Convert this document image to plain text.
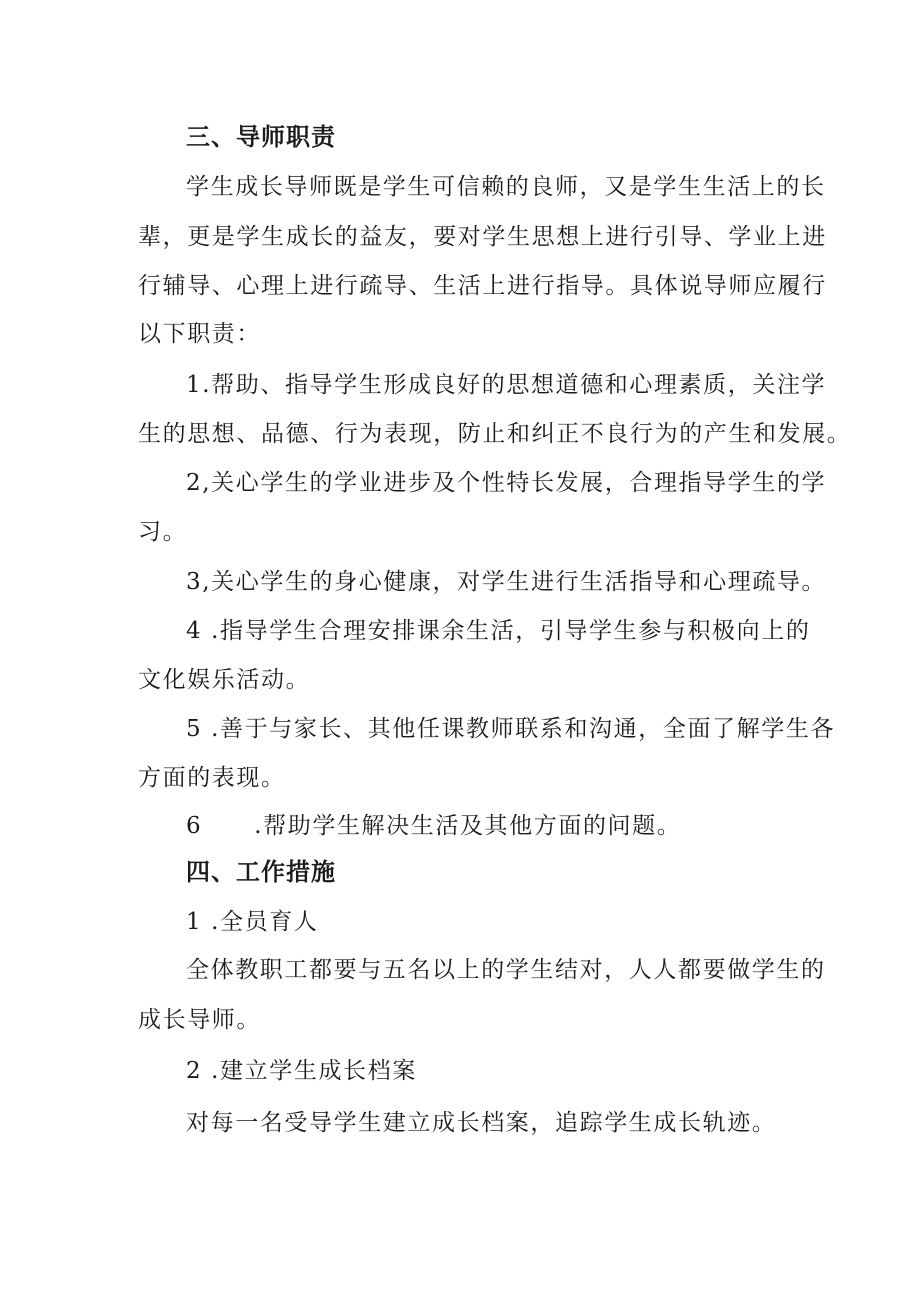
三、导师职责
学生成长导师既是学生可信赖的良师，又是学生生活上的长
辈，更是学生成长的益友，要对学生思想上进行引导、学业上进
行辅导、心理上进行疏导、生活上进行指导。具体说导师应履行
以下职责：
1.帮助、指导学生形成良好的思想道德和心理素质，关注学
生的思想、品德、行为表现，防止和纠正不良行为的产生和发展。
2,关心学生的学业进步及个性特长发展，合理指导学生的学
习。
3,关心学生的身心健康，对学生进行生活指导和心理疏导。
4 .指导学生合理安排课余生活，引导学生参与积极向上的
文化娱乐活动。
5 .善于与家长、其他任课教师联系和沟通，全面了解学生各
方面的表现。
6 .帮助学生解决生活及其他方面的问题。
四、工作措施
1 .全员育人
全体教职工都要与五名以上的学生结对，人人都要做学生的
成长导师。
2 .建立学生成长档案
对每一名受导学生建立成长档案，追踪学生成长轨迹。
